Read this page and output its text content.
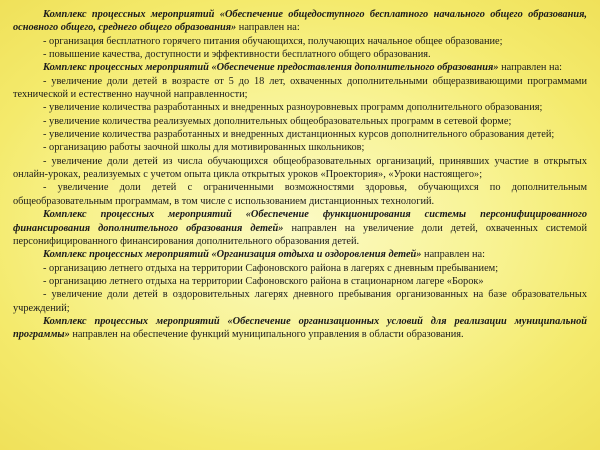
Комплекс процессных мероприятий «Обеспечение общедоступного бесплатного начального общего образования, основного общего, среднего общего образования» направлен на:

- организация бесплатного горячего питания обучающихся, получающих начальное общее образование;

- повышение качества, доступности и эффективности бесплатного общего образования.

Комплекс процессных мероприятий «Обеспечение предоставления дополнительного образования» направлен на:

- увеличение доли детей в возрасте от 5 до 18 лет, охваченных дополнительными общеразвивающими программами технической и естественно научной направленности;

- увеличение количества разработанных и внедренных разноуровневых программ дополнительного образования;

- увеличение количества реализуемых дополнительных общеобразовательных программ в сетевой форме;

- увеличение количества разработанных и внедренных дистанционных курсов дополнительного образования детей;

- организацию работы заочной школы для мотивированных школьников;

- увеличение доли детей из числа обучающихся общеобразовательных организаций, принявших участие в открытых онлайн-уроках, реализуемых с учетом опыта цикла открытых уроков «Проектория», «Уроки настоящего»;

- увеличение доли детей с ограниченными возможностями здоровья, обучающихся по дополнительным общеобразовательным программам, в том числе с использованием дистанционных технологий.

Комплекс процессных мероприятий «Обеспечение функционирования системы персонифицированного финансирования дополнительного образования детей» направлен на увеличение доли детей, охваченных системой персонифицированного финансирования дополнительного образования детей.

Комплекс процессных мероприятий «Организация отдыха и оздоровления детей» направлен на:

- организацию летнего отдыха на территории Сафоновского района в лагерях с дневным пребыванием;

- организацию летнего отдыха на территории Сафоновского района в стационарном лагере «Борок»

- увеличение доли детей в оздоровительных лагерях дневного пребывания организованных на базе образовательных учреждений;

Комплекс процессных мероприятий «Обеспечение организационных условий для реализации муниципальной программы» направлен на обеспечение функций муниципального управления в области образования.
